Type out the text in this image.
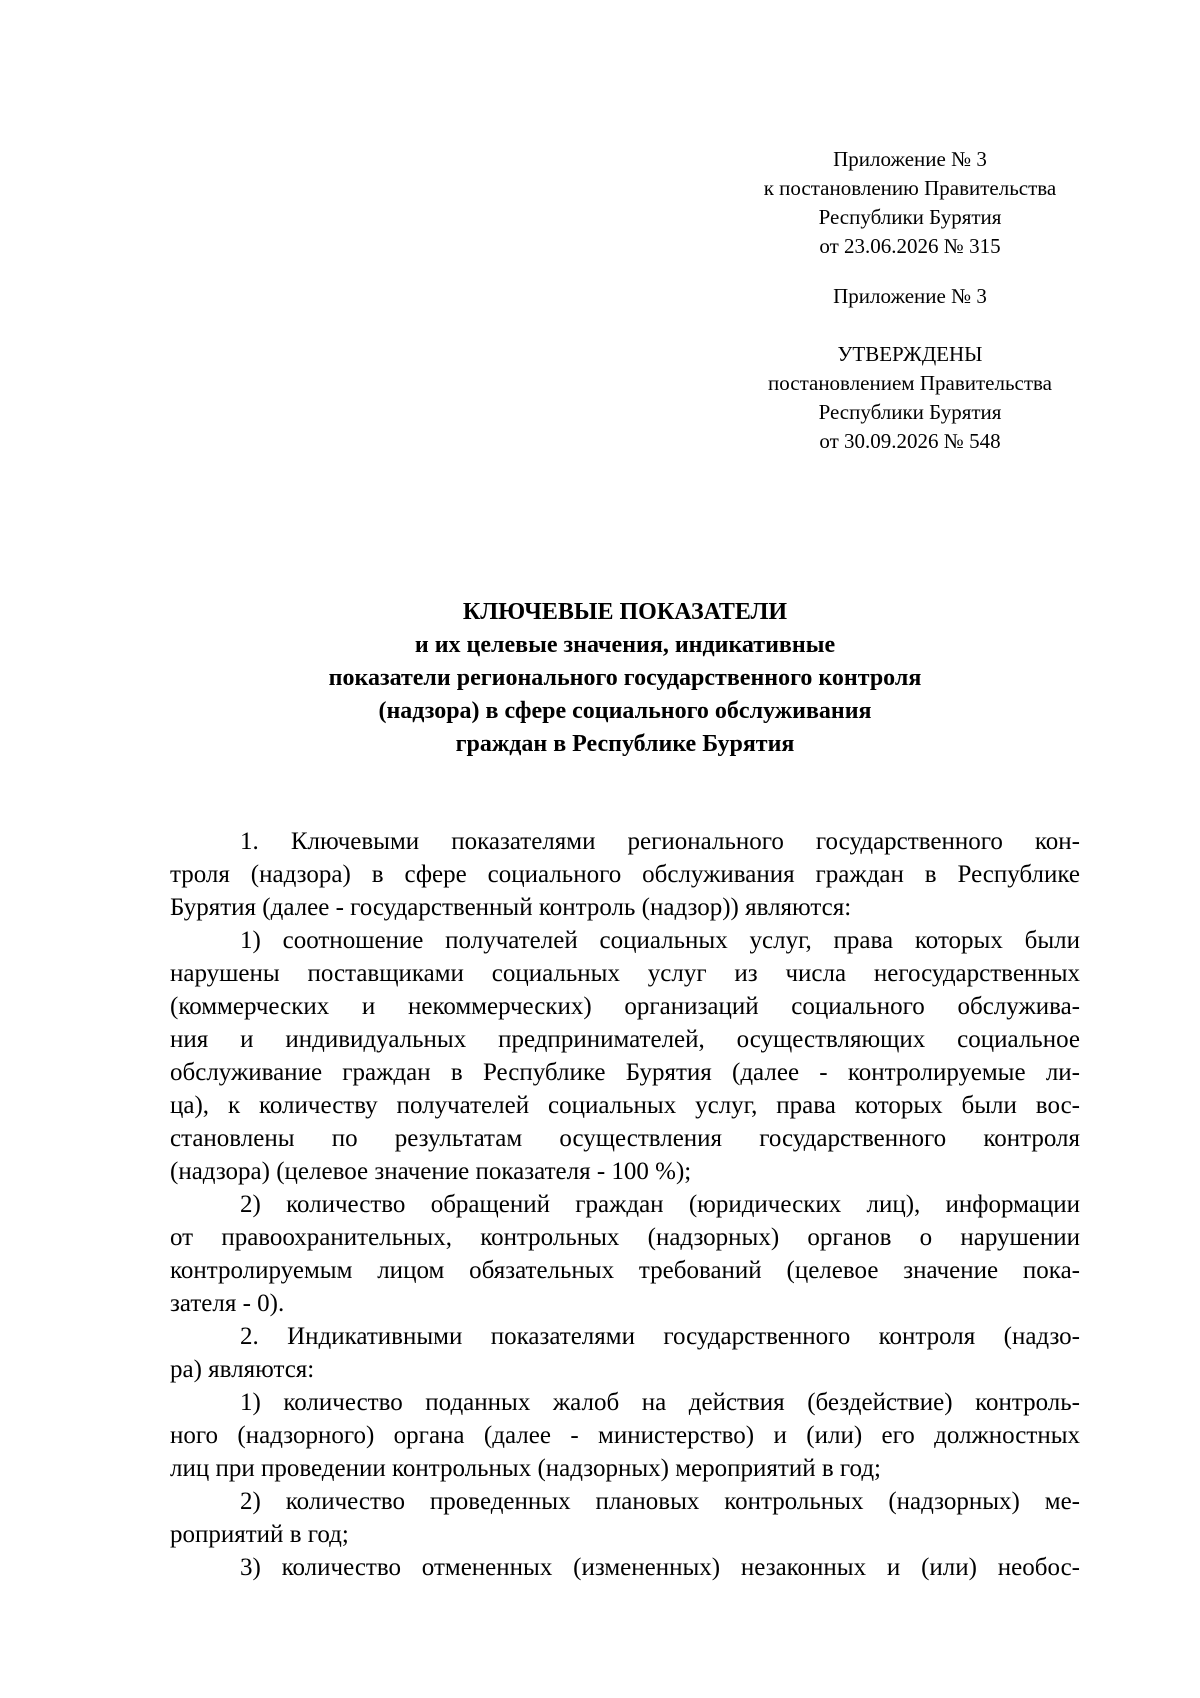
Приложение № 3
к постановлению Правительства
Республики Бурятия
от 23.06.2026 № 315
Приложение № 3
УТВЕРЖДЕНЫ
постановлением Правительства
Республики Бурятия
от 30.09.2026 № 548
КЛЮЧЕВЫЕ ПОКАЗАТЕЛИ
и их целевые значения, индикативные
показатели регионального государственного контроля
(надзора) в сфере социального обслуживания
граждан в Республике Бурятия
1. Ключевыми показателями регионального государственного кон-
троля (надзора) в сфере социального обслуживания граждан в Республике
Бурятия (далее - государственный контроль (надзор)) являются:
1) соотношение получателей социальных услуг, права которых были
нарушены поставщиками социальных услуг из числа негосударственных
(коммерческих и некоммерческих) организаций социального обслужива-
ния и индивидуальных предпринимателей, осуществляющих социальное
обслуживание граждан в Республике Бурятия (далее - контролируемые ли-
ца), к количеству получателей социальных услуг, права которых были вос-
становлены по результатам осуществления государственного контроля
(надзора) (целевое значение показателя - 100 %);
2) количество обращений граждан (юридических лиц), информации
от правоохранительных, контрольных (надзорных) органов о нарушении
контролируемым лицом обязательных требований (целевое значение пока-
зателя - 0).
2. Индикативными показателями государственного контроля (надзо-
ра) являются:
1) количество поданных жалоб на действия (бездействие) контроль-
ного (надзорного) органа (далее - министерство) и (или) его должностных
лиц при проведении контрольных (надзорных) мероприятий в год;
2) количество проведенных плановых контрольных (надзорных) ме-
роприятий в год;
3) количество отмененных (измененных) незаконных и (или) необос-
